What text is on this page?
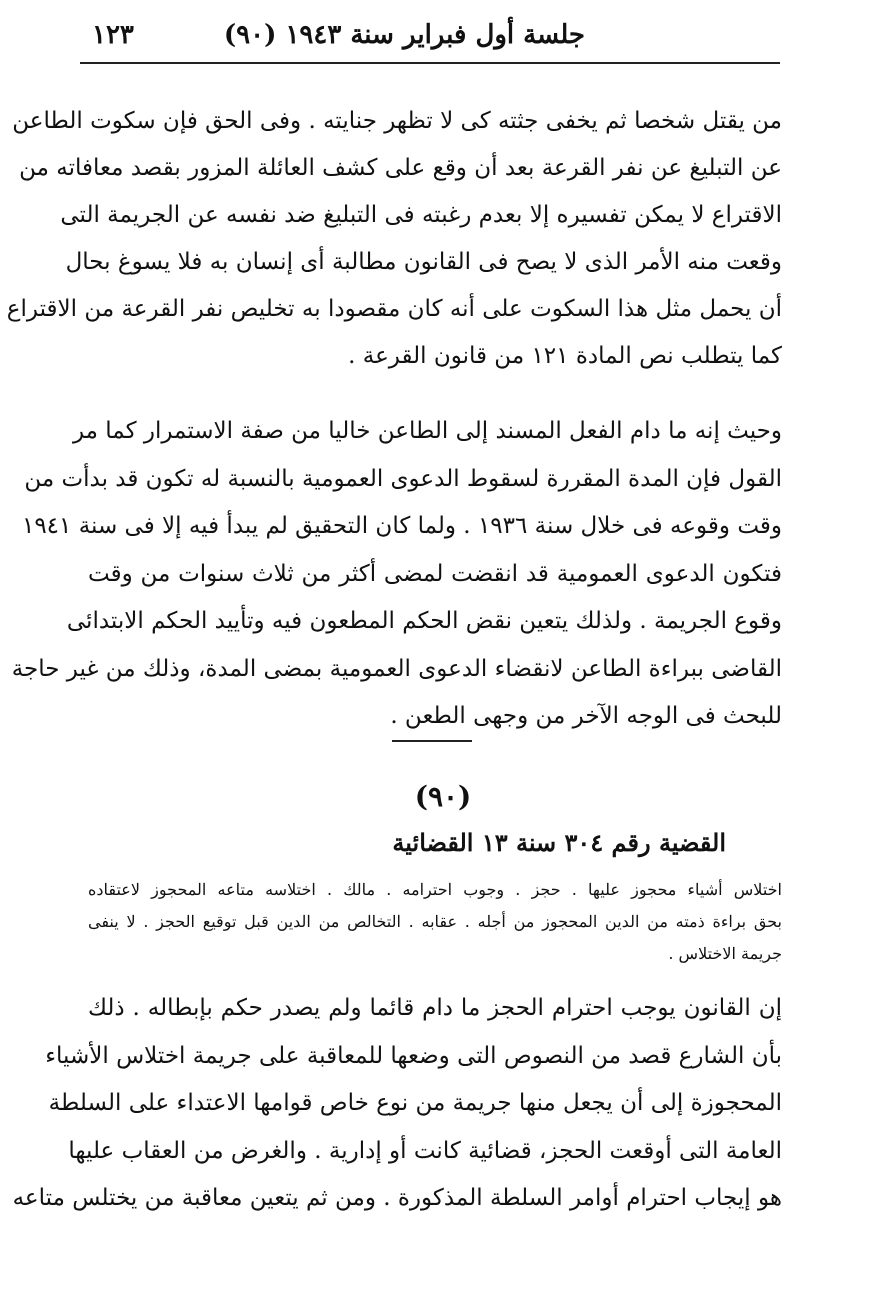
جلسة أول فبراير سنة ١٩٤٣ (٩٠)
١٢٣
من يقتل شخصا ثم يخفى جثته كى لا تظهر جنايته . وفى الحق فإن سكوت الطاعن
عن التبليغ عن نفر القرعة بعد أن وقع على كشف العائلة المزور بقصد معافاته من
الاقتراع لا يمكن تفسيره إلا بعدم رغبته فى التبليغ ضد نفسه عن الجريمة التى
وقعت منه الأمر الذى لا يصح فى القانون مطالبة أى إنسان به فلا يسوغ بحال
أن يحمل مثل هذا السكوت على أنه كان مقصودا به تخليص نفر القرعة من الاقتراع
كما يتطلب نص المادة ١٢١ من قانون القرعة .
وحيث إنه ما دام الفعل المسند إلى الطاعن خاليا من صفة الاستمرار كما مر
القول فإن المدة المقررة لسقوط الدعوى العمومية بالنسبة له تكون قد بدأت من
وقت وقوعه فى خلال سنة ١٩٣٦ . ولما كان التحقيق لم يبدأ فيه إلا فى سنة ١٩٤١
فتكون الدعوى العمومية قد انقضت لمضى أكثر من ثلاث سنوات من وقت
وقوع الجريمة . ولذلك يتعين نقض الحكم المطعون فيه وتأييد الحكم الابتدائى
القاضى ببراءة الطاعن لانقضاء الدعوى العمومية بمضى المدة، وذلك من غير حاجة
للبحث فى الوجه الآخر من وجهى الطعن .
(٩٠)
القضية رقم ٣٠٤ سنة ١٣ القضائية
اختلاس أشياء محجوز عليها . حجز . وجوب احترامه . مالك . اختلاسه متاعه المحجوز لاعتقاده
بحق براءة ذمته من الدين المحجوز من أجله . عقابه . التخالص من الدين قبل توقيع الحجز . لا ينفى
جريمة الاختلاس .
إن القانون يوجب احترام الحجز ما دام قائما ولم يصدر حكم بإبطاله . ذلك
بأن الشارع قصد من النصوص التى وضعها للمعاقبة على جريمة اختلاس الأشياء
المحجوزة إلى أن يجعل منها جريمة من نوع خاص قوامها الاعتداء على السلطة
العامة التى أوقعت الحجز، قضائية كانت أو إدارية . والغرض من العقاب عليها
هو إيجاب احترام أوامر السلطة المذكورة . ومن ثم يتعين معاقبة من يختلس متاعه
